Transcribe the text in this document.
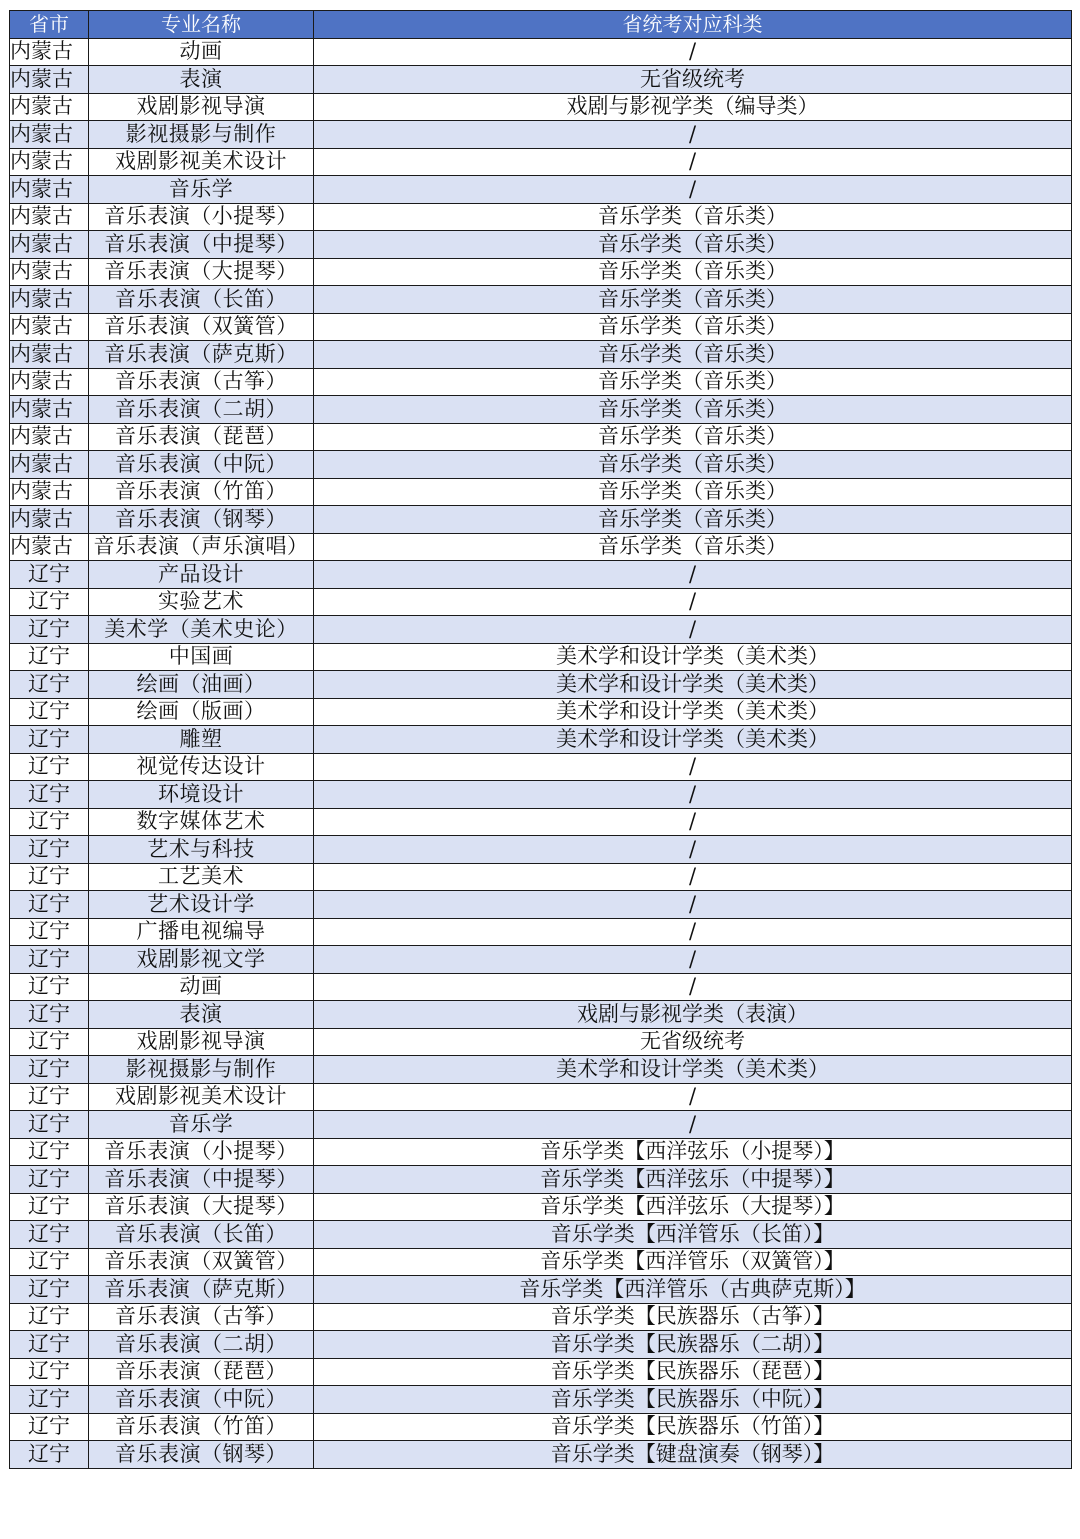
省市	专业名称	省统考对应科类
内蒙古	动画	/
内蒙古	表演	无省级统考
内蒙古	戏剧影视导演	戏剧与影视学类（编导类）
内蒙古	影视摄影与制作	/
内蒙古	戏剧影视美术设计	/
内蒙古	音乐学	/
内蒙古	音乐表演（小提琴）	音乐学类（音乐类）
内蒙古	音乐表演（中提琴）	音乐学类（音乐类）
内蒙古	音乐表演（大提琴）	音乐学类（音乐类）
内蒙古	音乐表演（长笛）	音乐学类（音乐类）
内蒙古	音乐表演（双簧管）	音乐学类（音乐类）
内蒙古	音乐表演（萨克斯）	音乐学类（音乐类）
内蒙古	音乐表演（古筝）	音乐学类（音乐类）
内蒙古	音乐表演（二胡）	音乐学类（音乐类）
内蒙古	音乐表演（琵琶）	音乐学类（音乐类）
内蒙古	音乐表演（中阮）	音乐学类（音乐类）
内蒙古	音乐表演（竹笛）	音乐学类（音乐类）
内蒙古	音乐表演（钢琴）	音乐学类（音乐类）
内蒙古	音乐表演（声乐演唱）	音乐学类（音乐类）
辽宁	产品设计	/
辽宁	实验艺术	/
辽宁	美术学（美术史论）	/
辽宁	中国画	美术学和设计学类（美术类）
辽宁	绘画（油画）	美术学和设计学类（美术类）
辽宁	绘画（版画）	美术学和设计学类（美术类）
辽宁	雕塑	美术学和设计学类（美术类）
辽宁	视觉传达设计	/
辽宁	环境设计	/
辽宁	数字媒体艺术	/
辽宁	艺术与科技	/
辽宁	工艺美术	/
辽宁	艺术设计学	/
辽宁	广播电视编导	/
辽宁	戏剧影视文学	/
辽宁	动画	/
辽宁	表演	戏剧与影视学类（表演）
辽宁	戏剧影视导演	无省级统考
辽宁	影视摄影与制作	美术学和设计学类（美术类）
辽宁	戏剧影视美术设计	/
辽宁	音乐学	/
辽宁	音乐表演（小提琴）	音乐学类【西洋弦乐（小提琴）】
辽宁	音乐表演（中提琴）	音乐学类【西洋弦乐（中提琴）】
辽宁	音乐表演（大提琴）	音乐学类【西洋弦乐（大提琴）】
辽宁	音乐表演（长笛）	音乐学类【西洋管乐（长笛）】
辽宁	音乐表演（双簧管）	音乐学类【西洋管乐（双簧管）】
辽宁	音乐表演（萨克斯）	音乐学类【西洋管乐（古典萨克斯）】
辽宁	音乐表演（古筝）	音乐学类【民族器乐（古筝）】
辽宁	音乐表演（二胡）	音乐学类【民族器乐（二胡）】
辽宁	音乐表演（琵琶）	音乐学类【民族器乐（琵琶）】
辽宁	音乐表演（中阮）	音乐学类【民族器乐（中阮）】
辽宁	音乐表演（竹笛）	音乐学类【民族器乐（竹笛）】
辽宁	音乐表演（钢琴）	音乐学类【键盘演奏（钢琴）】
